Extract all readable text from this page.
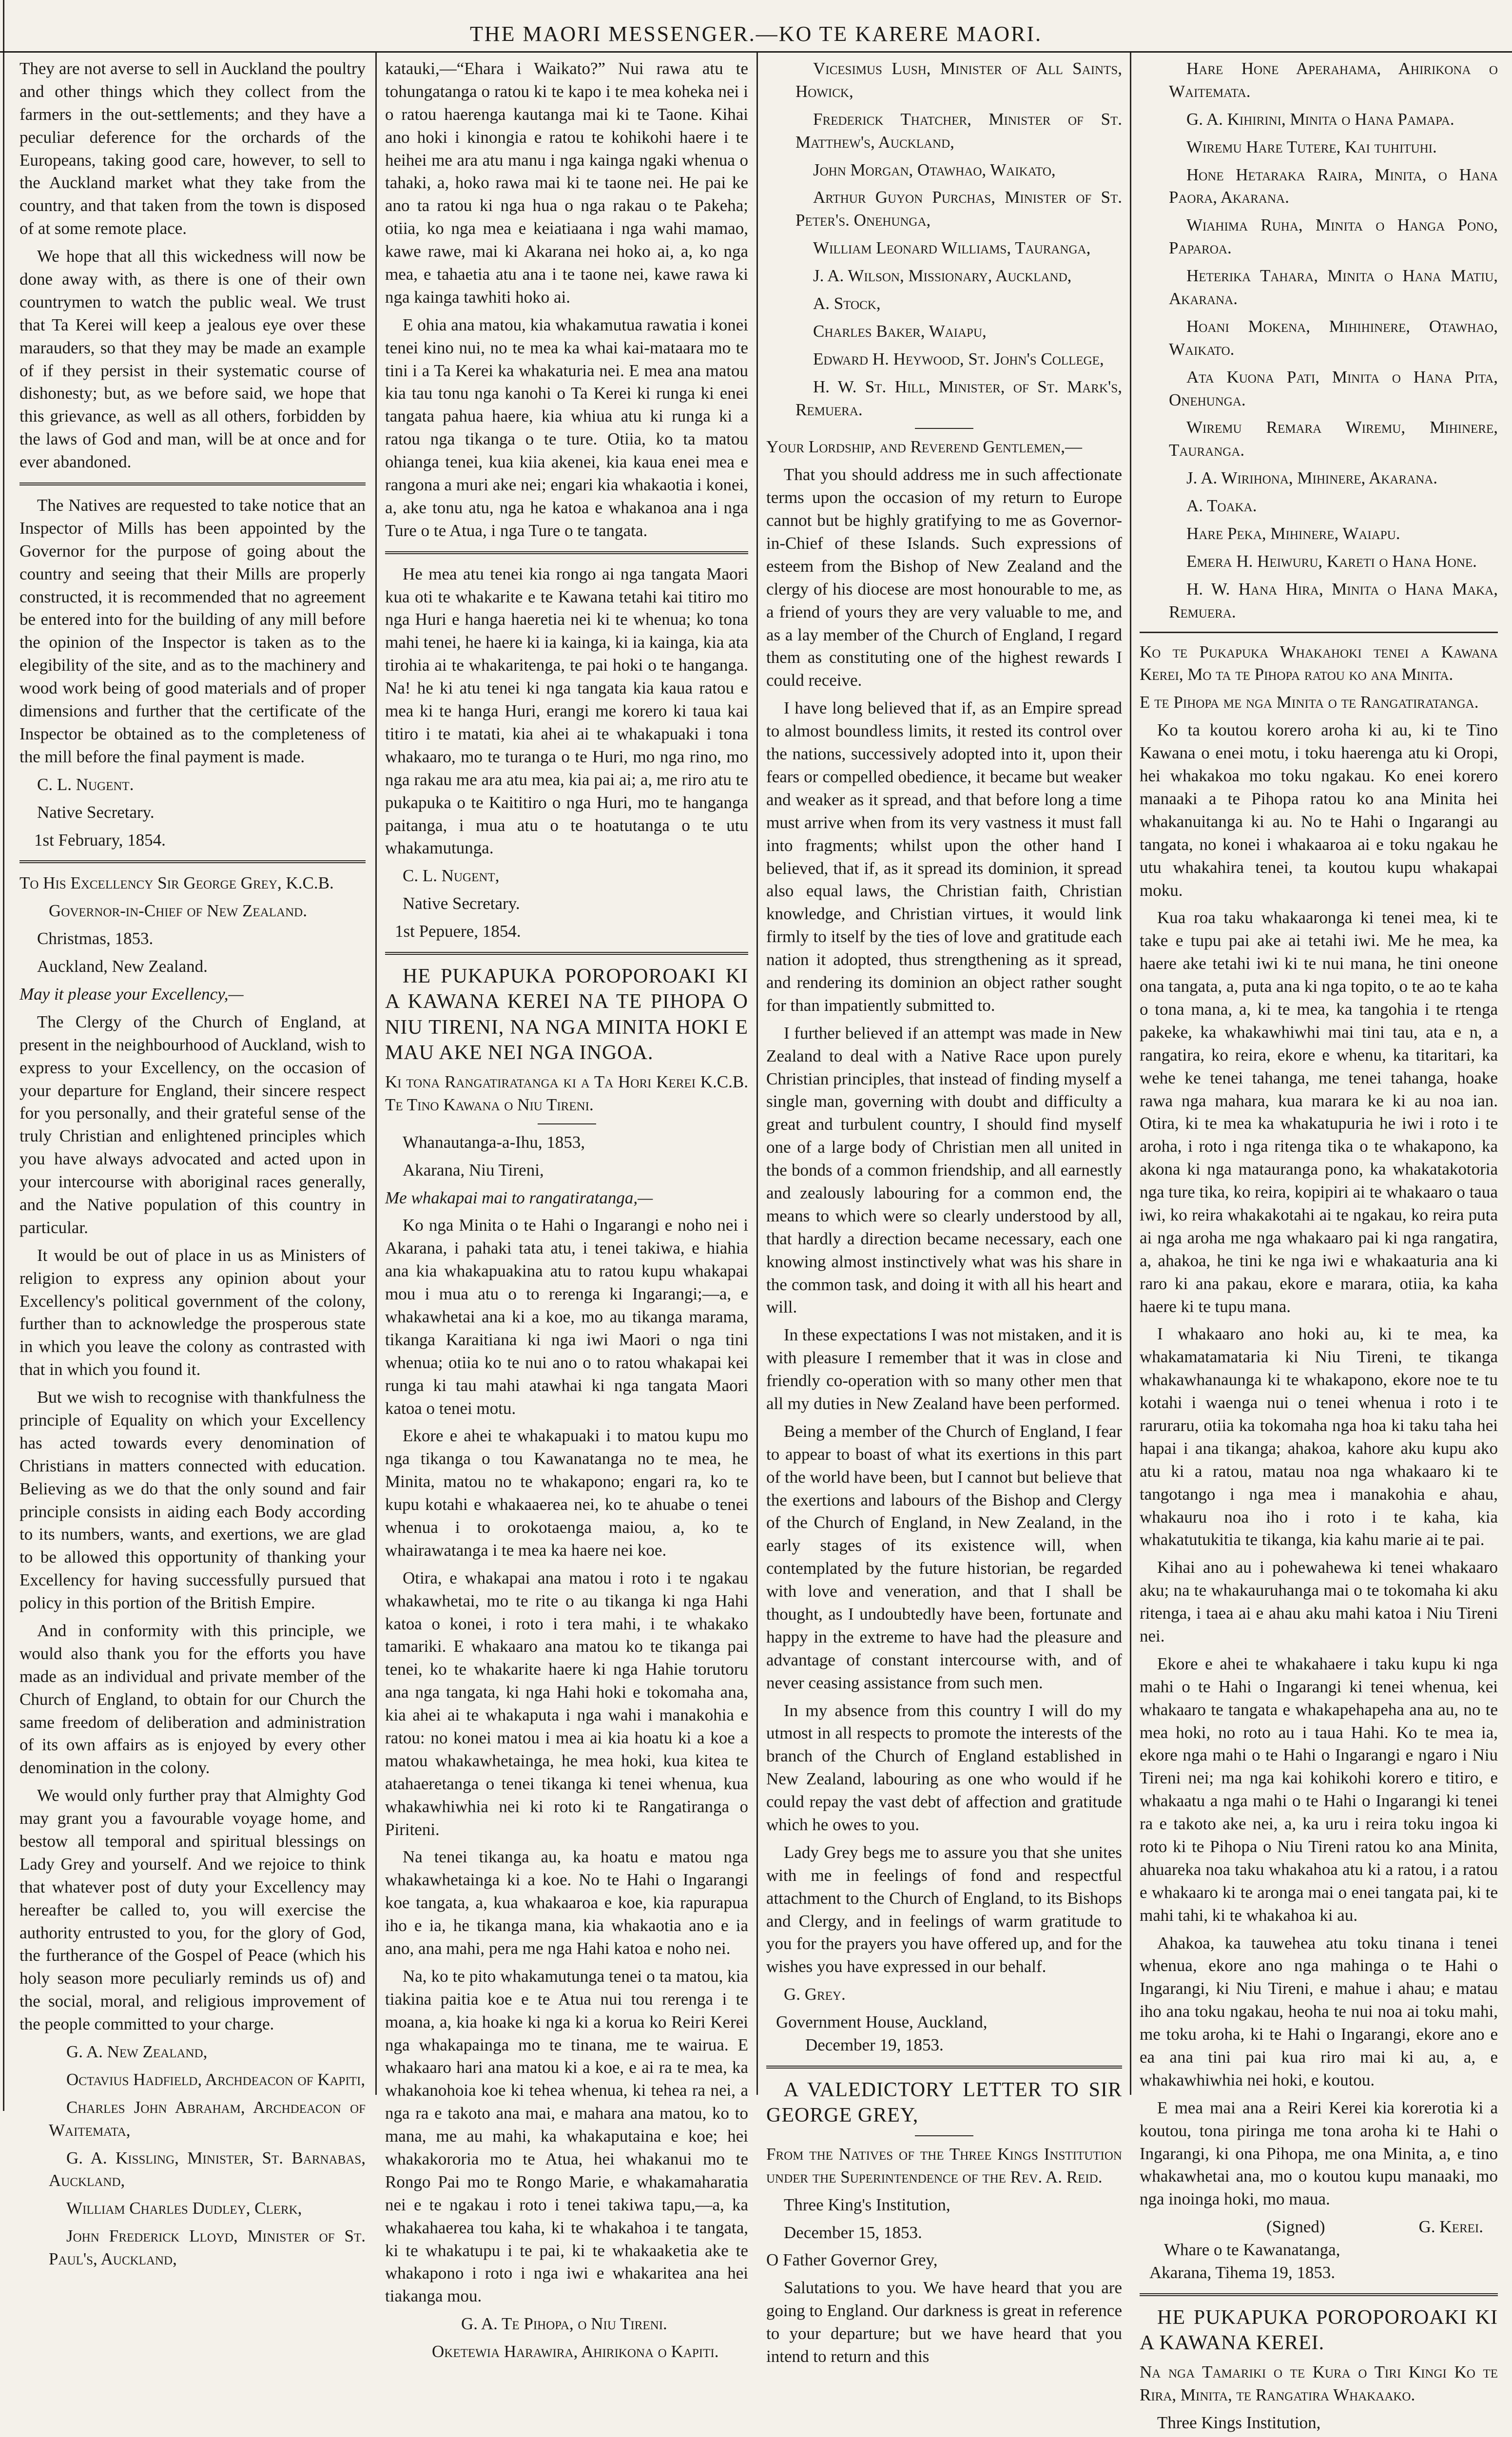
THE MAORI MESSENGER.—KO TE KARERE MAORI.

They are not averse to sell in Auckland the poultry and other things which they collect from the farmers in the out-settlements; and they have a peculiar deference for the orchards of the Europeans, taking good care, however, to sell to the Auckland market what they take from the country, and that taken from the town is disposed of at some remote place.

We hope that all this wickedness will now be done away with, as there is one of their own countrymen to watch the public weal. We trust that Ta Kerei will keep a jealous eye over these marauders, so that they may be made an example of if they persist in their systematic course of dishonesty; but, as we before said, we hope that this grievance, as well as all others, forbidden by the laws of God and man, will be at once and for ever abandoned.

The Natives are requested to take notice that an Inspector of Mills has been appointed by the Governor for the purpose of going about the country and seeing that their Mills are properly constructed, it is recommended that no agreement be entered into for the building of any mill before the opinion of the Inspector is taken as to the elegibility of the site, and as to the machinery and wood work being of good materials and of proper dimensions and further that the certificate of the Inspector be obtained as to the completeness of the mill before the final payment is made.

C. L. Nugent.

Native Secretary.

1st February, 1854.

To His Excellency Sir George Grey, K.C.B.

Governor-in-Chief of New Zealand.

Christmas, 1853.

Auckland, New Zealand.

May it please your Excellency,—

The Clergy of the Church of England, at present in the neighbourhood of Auckland, wish to express to your Excellency, on the occasion of your departure for England, their sincere respect for you personally, and their grateful sense of the truly Christian and enlightened principles which you have always advocated and acted upon in your intercourse with aboriginal races generally, and the Native population of this country in particular.

It would be out of place in us as Ministers of religion to express any opinion about your Excellency's political government of the colony, further than to acknowledge the prosperous state in which you leave the colony as contrasted with that in which you found it.

But we wish to recognise with thankfulness the principle of Equality on which your Excellency has acted towards every denomination of Christians in matters connected with education. Believing as we do that the only sound and fair principle consists in aiding each Body according to its numbers, wants, and exertions, we are glad to be allowed this opportunity of thanking your Excellency for having successfully pursued that policy in this portion of the British Empire.

And in conformity with this principle, we would also thank you for the efforts you have made as an individual and private member of the Church of England, to obtain for our Church the same freedom of deliberation and administration of its own affairs as is enjoyed by every other denomination in the colony.

We would only further pray that Almighty God may grant you a favourable voyage home, and bestow all temporal and spiritual blessings on Lady Grey and yourself. And we rejoice to think that whatever post of duty your Excellency may hereafter be called to, you will exercise the authority entrusted to you, for the glory of God, the furtherance of the Gospel of Peace (which his holy season more peculiarly reminds us of) and the social, moral, and religious improvement of the people committed to your charge.

G. A. New Zealand,

Octavius Hadfield, Archdeacon of Kapiti,

Charles John Abraham, Archdeacon of Waitemata,

G. A. Kissling, Minister, St. Barnabas, Auckland,

William Charles Dudley, Clerk,

John Frederick Lloyd, Minister of St. Paul's, Auckland,

katauki,—“Ehara i Waikato?” Nui rawa atu te tohungatanga o ratou ki te kapo i te mea koheka nei i o ratou haerenga kautanga mai ki te Taone. Kihai ano hoki i kinongia e ratou te kohikohi haere i te heihei me ara atu manu i nga kainga ngaki whenua o tahaki, a, hoko rawa mai ki te taone nei. He pai ke ano ta ratou ki nga hua o nga rakau o te Pakeha; otiia, ko nga mea e keiatiaana i nga wahi mamao, kawe rawe, mai ki Akarana nei hoko ai, a, ko nga mea, e tahaetia atu ana i te taone nei, kawe rawa ki nga kainga tawhiti hoko ai.

E ohia ana matou, kia whakamutua rawatia i konei tenei kino nui, no te mea ka whai kai-mataara mo te tini i a Ta Kerei ka whakaturia nei. E mea ana matou kia tau tonu nga kanohi o Ta Kerei ki runga ki enei tangata pahua haere, kia whiua atu ki runga ki a ratou nga tikanga o te ture. Otiia, ko ta matou ohianga tenei, kua kiia akenei, kia kaua enei mea e rangona a muri ake nei; engari kia whakaotia i konei, a, ake tonu atu, nga he katoa e whakanoa ana i nga Ture o te Atua, i nga Ture o te tangata.

He mea atu tenei kia rongo ai nga tangata Maori kua oti te whakarite e te Kawana tetahi kai titiro mo nga Huri e hanga haeretia nei ki te whenua; ko tona mahi tenei, he haere ki ia kainga, ki ia kainga, kia ata tirohia ai te whakaritenga, te pai hoki o te hanganga. Na! he ki atu tenei ki nga tangata kia kaua ratou e mea ki te hanga Huri, erangi me korero ki taua kai titiro i te matati, kia ahei ai te whakapuaki i tona whakaaro, mo te turanga o te Huri, mo nga rino, mo nga rakau me ara atu mea, kia pai ai; a, me riro atu te pukapuka o te Kaititiro o nga Huri, mo te hanganga paitanga, i mua atu o te hoatutanga o te utu whakamutunga.

C. L. Nugent,

Native Secretary.

1st Pepuere, 1854.

HE PUKAPUKA POROPOROAKI KI A KAWANA KEREI NA TE PIHOPA O NIU TIRENI, NA NGA MINITA HOKI E MAU AKE NEI NGA INGOA.

Ki tona Rangatiratanga ki a Ta Hori Kerei K.C.B. Te Tino Kawana o Niu Tireni.

Whanautanga-a-Ihu, 1853,

Akarana, Niu Tireni,

Me whakapai mai to rangatiratanga,—

Ko nga Minita o te Hahi o Ingarangi e noho nei i Akarana, i pahaki tata atu, i tenei takiwa, e hiahia ana kia whakapuakina atu to ratou kupu whakapai mou i mua atu o to rerenga ki Ingarangi;—a, e whakawhetai ana ki a koe, mo au tikanga marama, tikanga Karaitiana ki nga iwi Maori o nga tini whenua; otiia ko te nui ano o to ratou whakapai kei runga ki tau mahi atawhai ki nga tangata Maori katoa o tenei motu.

Ekore e ahei te whakapuaki i to matou kupu mo nga tikanga o tou Kawanatanga no te mea, he Minita, matou no te whakapono; engari ra, ko te kupu kotahi e whakaaerea nei, ko te ahuabe o tenei whenua i to orokotaenga maiou, a, ko te whairawatanga i te mea ka haere nei koe.

Otira, e whakapai ana matou i roto i te ngakau whakawhetai, mo te rite o au tikanga ki nga Hahi katoa o konei, i roto i tera mahi, i te whakako tamariki. E whakaaro ana matou ko te tikanga pai tenei, ko te whakarite haere ki nga Hahie torutoru ana nga tangata, ki nga Hahi hoki e tokomaha ana, kia ahei ai te whakaputa i nga wahi i manakohia e ratou: no konei matou i mea ai kia hoatu ki a koe a matou whakawhetainga, he mea hoki, kua kitea te atahaeretanga o tenei tikanga ki tenei whenua, kua whakawhiwhia nei ki roto ki te Rangatiranga o Piriteni.

Na tenei tikanga au, ka hoatu e matou nga whakawhetainga ki a koe. No te Hahi o Ingarangi koe tangata, a, kua whakaaroa e koe, kia rapurapua iho e ia, he tikanga mana, kia whakaotia ano e ia ano, ana mahi, pera me nga Hahi katoa e noho nei.

Na, ko te pito whakamutunga tenei o ta matou, kia tiakina paitia koe e te Atua nui tou rerenga i te moana, a, kia hoake ki nga ki a koruа ko Reiri Kerei nga whakapainga mo te tinana, me te wairua. E whakaaro hari ana matou ki a koe, e ai ra te mea, ka whakanohoia koe ki tehea whenua, ki tehea ra nei, a nga ra e takoto ana mai, e mahara ana matou, ko to mana, me au mahi, ka whakaputaina e koe; hei whakakororia mo te Atua, hei whakanui mo te Rongo Pai mo te Rongo Marie, e whakamaharatia nei e te ngakau i roto i tenei takiwa tapu,—a, ka whakahaerea tou kaha, ki te whakahoa i te tangata, ki te whakatupu i te pai, ki te whakaaketia ake te whakapono i roto i nga iwi e whakaritea ana hei tiakanga mou.

G. A. Te Pihopa, o Niu Tireni.

Oketewia Harawira, Ahirikona o Kapiti.

Vicesimus Lush, Minister of All Saints, Howick,

Frederick Thatcher, Minister of St. Matthew's, Auckland,

John Morgan, Otawhao, Waikato,

Arthur Guyon Purchas, Minister of St. Peter's. Onehunga,

William Leonard Williams, Tauranga,

J. A. Wilson, Missionary, Auckland,

A. Stock,

Charles Baker, Waiapu,

Edward H. Heywood, St. John's College,

H. W. St. Hill, Minister, of St. Mark's, Remuera.

Your Lordship, and Reverend Gentlemen,—

That you should address me in such affectionate terms upon the occasion of my return to Europe cannot but be highly gratifying to me as Governor-in-Chief of these Islands. Such expressions of esteem from the Bishop of New Zealand and the clergy of his diocese are most honourable to me, as a friend of yours they are very valuable to me, and as a lay member of the Church of England, I regard them as constituting one of the highest rewards I could receive.

I have long believed that if, as an Empire spread to almost boundless limits, it rested its control over the nations, successively adopted into it, upon their fears or compelled obedience, it became but weaker and weaker as it spread, and that before long a time must arrive when from its very vastness it must fall into fragments; whilst upon the other hand I believed, that if, as it spread its dominion, it spread also equal laws, the Christian faith, Christian knowledge, and Christian virtues, it would link firmly to itself by the ties of love and gratitude each nation it adopted, thus strengthening as it spread, and rendering its dominion an object rather sought for than impatiently submitted to.

I further believed if an attempt was made in New Zealand to deal with a Native Race upon purely Christian principles, that instead of finding myself a single man, governing with doubt and difficulty a great and turbulent country, I should find myself one of a large body of Christian men all united in the bonds of a common friendship, and all earnestly and zealously labouring for a common end, the means to which were so clearly understood by all, that hardly a direction became necessary, each one knowing almost instinctively what was his share in the common task, and doing it with all his heart and will.

In these expectations I was not mistaken, and it is with pleasure I remember that it was in close and friendly co-operation with so many other men that all my duties in New Zealand have been performed.

Being a member of the Church of England, I fear to appear to boast of what its exertions in this part of the world have been, but I cannot but believe that the exertions and labours of the Bishop and Clergy of the Church of England, in New Zealand, in the early stages of its existence will, when contemplated by the future historian, be regarded with love and veneration, and that I shall be thought, as I undoubtedly have been, fortunate and happy in the extreme to have had the pleasure and advantage of constant intercourse with, and of never ceasing assistance from such men.

In my absence from this country I will do my utmost in all respects to promote the interests of the branch of the Church of England established in New Zealand, labouring as one who would if he could repay the vast debt of affection and gratitude which he owes to you.

Lady Grey begs me to assure you that she unites with me in feelings of fond and respectful attachment to the Church of England, to its Bishops and Clergy, and in feelings of warm gratitude to you for the prayers you have offered up, and for the wishes you have expressed in our behalf.

G. Grey.

Government House, Auckland,

December 19, 1853.

A VALEDICTORY LETTER TO SIR GEORGE GREY,

From the Natives of the Three Kings Institution under the Superintendence of the Rev. A. Reid.

Three King's Institution,

December 15, 1853.

O Father Governor Grey,

Salutations to you. We have heard that you are going to England. Our darkness is great in reference to your departure; but we have heard that you intend to return and this

Hare Hone Aperahama, Ahirikona o Waitemata.

G. A. Kihirini, Minita o Hana Pamapa.

Wiremu Hare Tutere, Kai tuhituhi.

Hone Hetaraka Raira, Minita, o Hana Paora, Akarana.

Wiahima Ruha, Minita o Hanga Pono, Paparoa.

Heterika Tahara, Minita o Hana Matiu, Akarana.

Hoani Mokena, Mihihinere, Otawhao, Waikato.

Ata Kuona Pati, Minita o Hana Pita, Onehunga.

Wiremu Remara Wiremu, Mihinere, Tauranga.

J. A. Wirihona, Mihinere, Akarana.

A. Toaka.

Hare Peka, Mihinere, Waiapu.

Emera H. Heiwuru, Kareti o Hana Hone.

H. W. Hana Hira, Minita o Hana Maka, Remuera.

Ko te Pukapuka Whakahoki tenei a Kawana Kerei, Mo ta te Pihopa ratou ko ana Minita.

E te Pihopa me nga Minita o te Rangatiratanga.

Ko ta koutou korero aroha ki au, ki te Tino Kawana o enei motu, i toku haerenga atu ki Oropi, hei whakakoa mo toku ngakau. Ko enei korero manaaki a te Pihopa ratou ko ana Minita hei whakanuitanga ki au. No te Hahi o Ingarangi au tangata, no konei i whakaaroa ai e toku ngakau he utu whakahira tenei, ta koutou kupu whakapai moku.

Kua roa taku whakaaronga ki tenei mea, ki te take e tupu pai ake ai tetahi iwi. Me he mea, ka haere ake tetahi iwi ki te nui mana, he tini oneone ona tangata, a, puta ana ki nga topito, o te ao te kaha o tona mana, a, ki te mea, ka tangohia i te rtenga pakeke, ka whakawhiwhi mai tini tau, ata e n, a rangatira, ko reira, ekore e whenu, ka titaritari, ka wehe ke tenei tahanga, me tenei tahanga, hoake rawa nga mahara, kua marara ke ki au noa ian. Otira, ki te mea ka whakatupuria he iwi i roto i te aroha, i roto i nga ritenga tika o te whakapono, ka akona ki nga matauranga pono, ka whakatakotoria nga ture tika, ko reira, kopipiri ai te whakaaro o taua iwi, ko reira whakakotahi ai te ngakau, ko reira puta ai nga aroha me nga whakaaro pai ki nga rangatira, a, ahakoa, he tini ke nga iwi e whakaaturia ana ki raro ki ana pakau, ekore e marara, otiia, ka kaha haere ki te tupu mana.

I whakaaro ano hoki au, ki te mea, ka whakamatamataria ki Niu Tireni, te tikanga whakawhanaunga ki te whakapono, ekore noe te tu kotahi i waenga nui o tenei whenua i roto i te raruraru, otiia ka tokomaha nga hoa ki taku taha hei hapai i ana tikanga; ahakoa, kahore aku kupu ako atu ki a ratou, matau noa nga whakaaro ki te tangotango i nga mea i manakohia e ahau, whakauru noa iho i roto i te kaha, kia whakatutukitia te tikanga, kia kahu marie ai te pai.

Kihai ano au i pohewahewa ki tenei whakaaro aku; na te whakauruhanga mai o te tokomaha ki aku ritenga, i taea ai e ahau aku mahi katoa i Niu Tireni nei.

Ekore e ahei te whakahaere i taku kupu ki nga mahi o te Hahi o Ingarangi ki tenei whenua, kei whakaaro te tangata e whakapehapeha ana au, no te mea hoki, no roto au i taua Hahi. Ko te mea ia, ekore nga mahi o te Hahi o Ingarangi e ngaro i Niu Tireni nei; ma nga kai kohikohi korero e titiro, e whakaatu a nga mahi o te Hahi o Ingarangi ki tenei ra e takoto ake nei, a, ka uru i reira toku ingoa ki roto ki te Pihopa o Niu Tireni ratou ko ana Minita, ahuareka noa taku whakahoa atu ki a ratou, i a ratou e whakaaro ki te aronga mai o enei tangata pai, ki te mahi tahi, ki te whakahoa ki au.

Ahakoa, ka tauwehea atu toku tinana i tenei whenua, ekore ano nga mahinga o te Hahi o Ingarangi, ki Niu Tireni, e mahue i ahau; e matau iho ana toku ngakau, heoha te nui noa ai toku mahi, me toku aroha, ki te Hahi o Ingarangi, ekore ano e ea ana tini pai kua riro mai ki au, a, e whakawhiwhia nei hoki, e koutou.

E mea mai ana a Reiri Kerei kia korerotia ki a koutou, tona piringa me tona aroha ki te Hahi o Ingarangi, ki ona Pihopa, me ona Minita, a, e tino whakawhetai ana, mo o koutou kupu manaaki, mo nga inoinga hoki, mo maua.

(Signed)	G. Kerei.

Whare o te Kawanatanga,

Akarana, Tihema 19, 1853.

HE PUKAPUKA POROPOROAKI KI A KAWANA KEREI.

Na nga Tamariki o te Kura o Tiri Kingi Ko te Rira, Minita, te Rangatira Whakaako.

Three Kings Institution,
